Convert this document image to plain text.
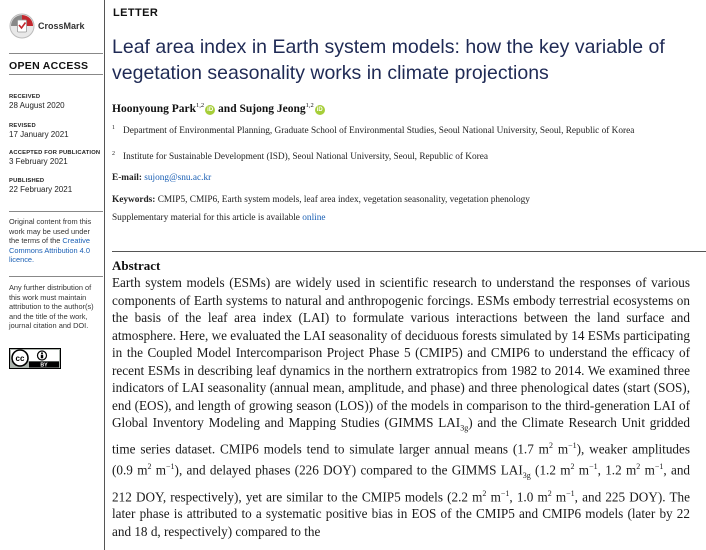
CrossMark
OPEN ACCESS
RECEIVED
28 August 2020
REVISED
17 January 2021
ACCEPTED FOR PUBLICATION
3 February 2021
PUBLISHED
22 February 2021
Original content from this work may be used under the terms of the Creative Commons Attribution 4.0 licence.
Any further distribution of this work must maintain attribution to the author(s) and the title of the work, journal citation and DOI.
cc
BY
LETTER
Leaf area index in Earth system models: how the key variable of vegetation seasonality works in climate projections
Hoonyoung Park$^{1,2}$iD and Sujong Jeong$^{1,2}$iD
1 Department of Environmental Planning, Graduate School of Environmental Studies, Seoul National University, Seoul, Republic of Korea
2 Institute for Sustainable Development (ISD), Seoul National University, Seoul, Republic of Korea
E-mail: sujong@snu.ac.kr
Keywords: CMIP5, CMIP6, Earth system models, leaf area index, vegetation seasonality, vegetation phenology
Supplementary material for this article is available online
Abstract

Earth system models (ESMs) are widely used in scientific research to understand the responses of various components of Earth systems to natural and anthropogenic forcings. ESMs embody terrestrial ecosystems on the basis of the leaf area index (LAI) to formulate various interactions between the land surface and atmosphere. Here, we evaluated the LAI seasonality of deciduous forests simulated by 14 ESMs participating in the Coupled Model Intercomparison Project Phase 5 (CMIP5) and CMIP6 to understand the efficacy of recent ESMs in describing leaf dynamics in the northern extratropics from 1982 to 2014. We examined three indicators of LAI seasonality (annual mean, amplitude, and phase) and three phenological dates (start (SOS), end (EOS), and length of growing season (LOS)) of the models in comparison to the third-generation LAI of Global Inventory Modeling and Mapping Studies (GIMMS $LAI_{3g}$) and the Climate Research Unit gridded time series dataset. CMIP6 models tend to simulate larger annual means (1.7 $m^2$ $m^{-1}$), weaker amplitudes (0.9 $m^2$ $m^{-1}$), and delayed phases (226 DOY) compared to the GIMMS $LAI_{3g}$ (1.2 $m^2$ $m^{-1}$, 1.2 $m^2$ $m^{-1}$, and 212 DOY, respectively), yet are similar to the CMIP5 models (2.2 $m^2$ $m^{-1}$, 1.0 $m^2$ $m^{-1}$, and 225 DOY). The later phase is attributed to a systematic positive bias in EOS of the CMIP5 and CMIP6 models (later by 22 and 18 d, respectively) compared to the
